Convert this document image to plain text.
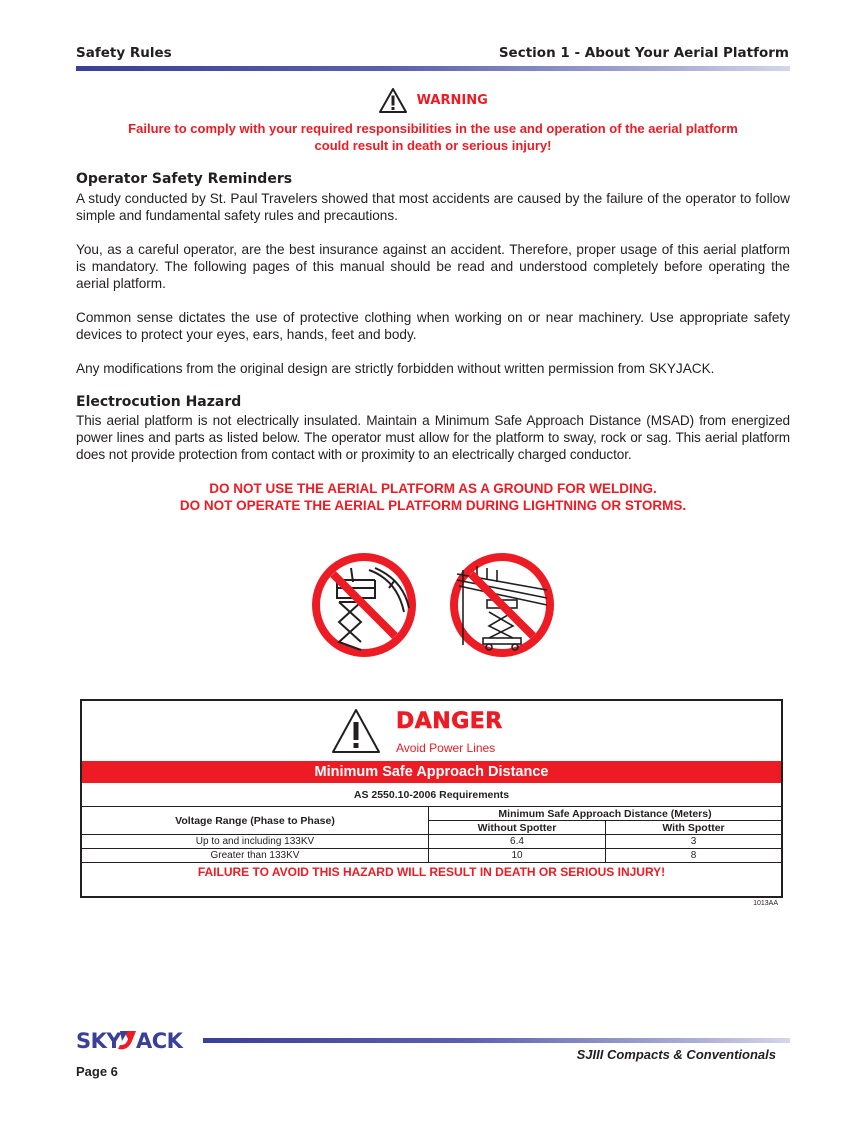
Safety Rules	Section 1 - About Your Aerial Platform
WARNING
Failure to comply with your required responsibilities in the use and operation of the aerial platform
could result in death or serious injury!
Operator Safety Reminders
A study conducted by St. Paul Travelers showed that most accidents are caused by the failure of the operator to follow simple and fundamental safety rules and precautions.
You, as a careful operator, are the best insurance against an accident. Therefore, proper usage of this aerial platform is mandatory. The following pages of this manual should be read and understood completely before operating the aerial platform.
Common sense dictates the use of protective clothing when working on or near machinery. Use appropriate safety devices to protect your eyes, ears, hands, feet and body.
Any modifications from the original design are strictly forbidden without written permission from SKYJACK.
Electrocution Hazard
This aerial platform is not electrically insulated. Maintain a Minimum Safe Approach Distance (MSAD) from energized power lines and parts as listed below. The operator must allow for the platform to sway, rock or sag. This aerial platform does not provide protection from contact with or proximity to an electrically charged conductor.
DO NOT USE THE AERIAL PLATFORM AS A GROUND FOR WELDING.
DO NOT OPERATE THE AERIAL PLATFORM DURING LIGHTNING OR STORMS.
DANGER
Avoid Power Lines
Minimum Safe Approach Distance
AS 2550.10-2006 Requirements		
Voltage Range (Phase to Phase)	Minimum Safe Approach Distance (Meters)	
	Without Spotter	With Spotter
Up to and including 133KV	6.4	3
Greater than 133KV	10	8
FAILURE TO AVOID THIS HAZARD WILL RESULT IN DEATH OR SERIOUS INJURY!		
1013AA
SKY ACK
SJIII Compacts & Conventionals
Page 6
